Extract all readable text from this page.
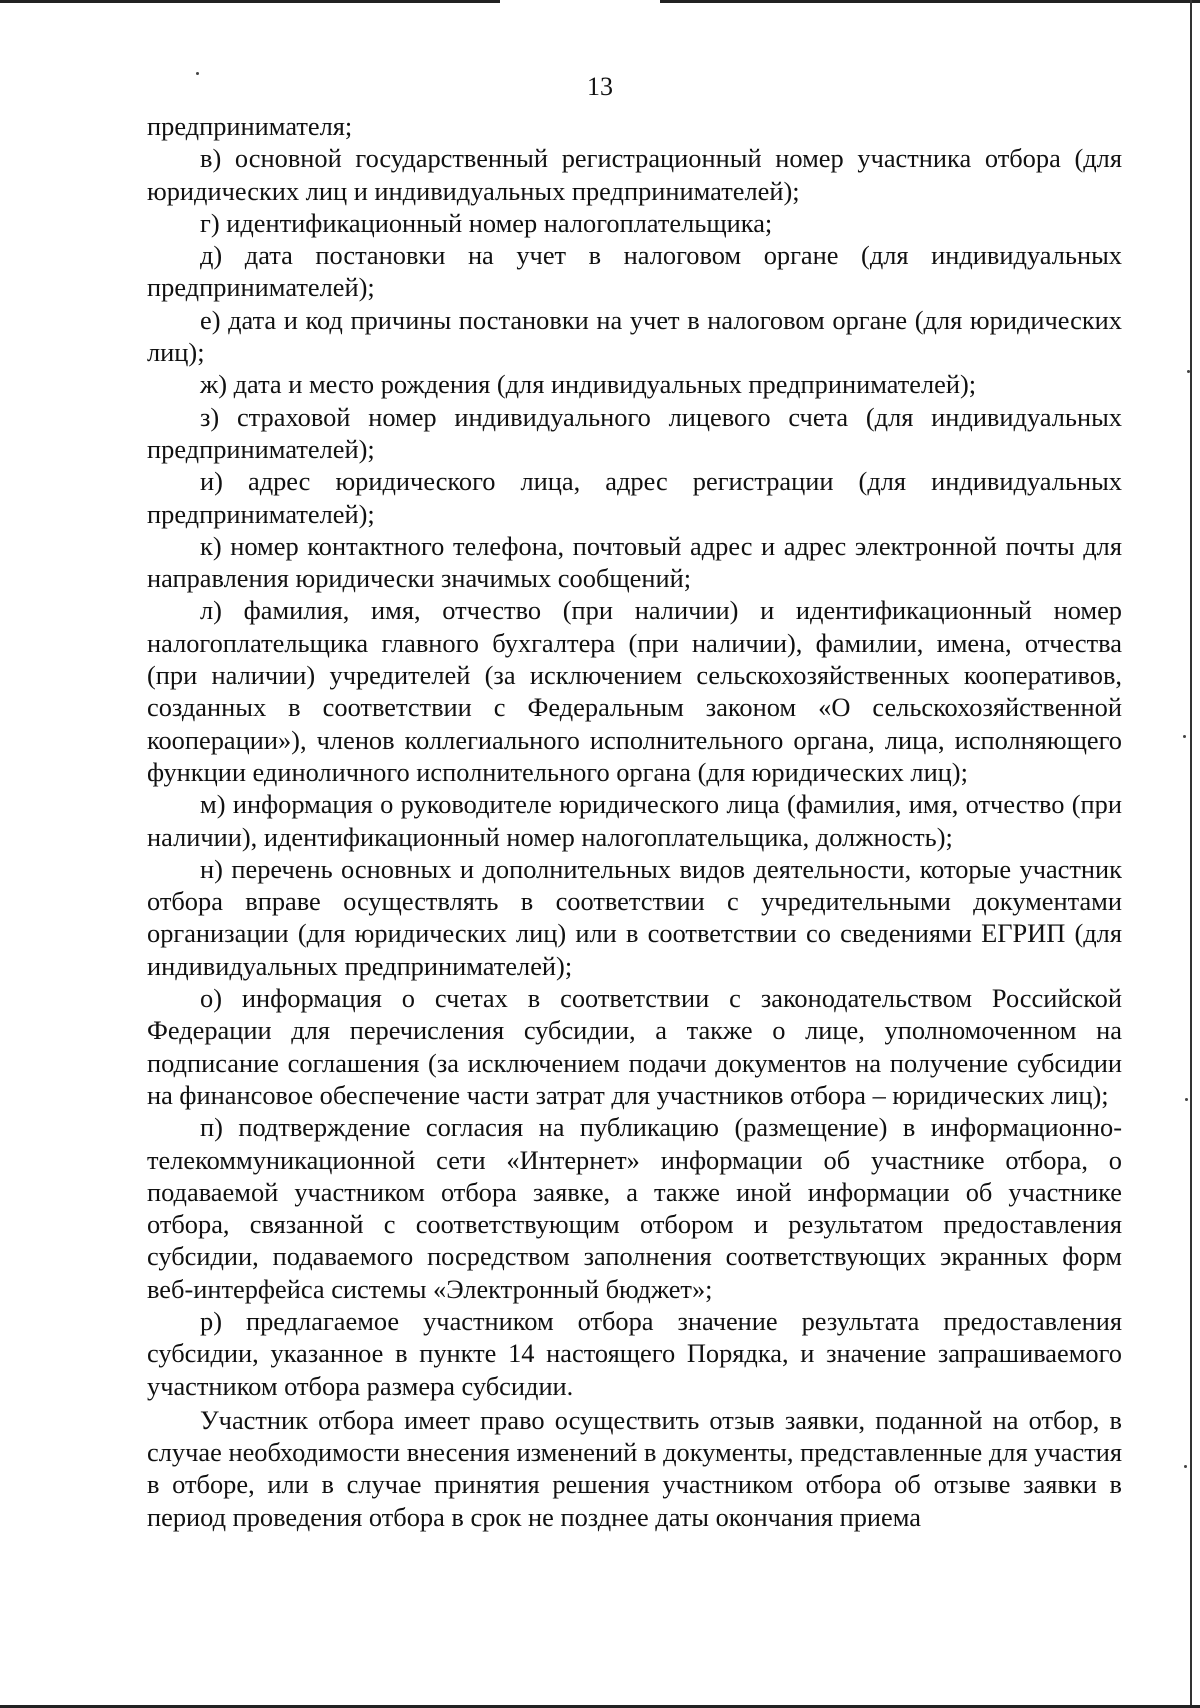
13

предпринимателя;

в) основной государственный регистрационный номер участника отбора (для юридических лиц и индивидуальных предпринимателей);

г) идентификационный номер налогоплательщика;

д) дата постановки на учет в налоговом органе (для индивидуальных предпринимателей);

е) дата и код причины постановки на учет в налоговом органе (для юридических лиц);

ж) дата и место рождения (для индивидуальных предпринимателей);

з) страховой номер индивидуального лицевого счета (для индивидуальных предпринимателей);

и) адрес юридического лица, адрес регистрации (для индивидуальных предпринимателей);

к) номер контактного телефона, почтовый адрес и адрес электронной почты для направления юридически значимых сообщений;

л) фамилия, имя, отчество (при наличии) и идентификационный номер налогоплательщика главного бухгалтера (при наличии), фамилии, имена, отчества (при наличии) учредителей (за исключением сельскохозяйственных кооперативов, созданных в соответствии с Федеральным законом «О сельскохозяйственной кооперации»), членов коллегиального исполнительного органа, лица, исполняющего функции единоличного исполнительного органа (для юридических лиц);

м) информация о руководителе юридического лица (фамилия, имя, отчество (при наличии), идентификационный номер налогоплательщика, должность);

н) перечень основных и дополнительных видов деятельности, которые участник отбора вправе осуществлять в соответствии с учредительными документами организации (для юридических лиц) или в соответствии со сведениями ЕГРИП (для индивидуальных предпринимателей);

о) информация о счетах в соответствии с законодательством Российской Федерации для перечисления субсидии, а также о лице, уполномоченном на подписание соглашения (за исключением подачи документов на получение субсидии на финансовое обеспечение части затрат для участников отбора – юридических лиц);

п) подтверждение согласия на публикацию (размещение) в информационно-телекоммуникационной сети «Интернет» информации об участнике отбора, о подаваемой участником отбора заявке, а также иной информации об участнике отбора, связанной с соответствующим отбором и результатом предоставления субсидии, подаваемого посредством заполнения соответствующих экранных форм веб-интерфейса системы «Электронный бюджет»;

р) предлагаемое участником отбора значение результата предоставления субсидии, указанное в пункте 14 настоящего Порядка, и значение запрашиваемого участником отбора размера субсидии.

Участник отбора имеет право осуществить отзыв заявки, поданной на отбор, в случае необходимости внесения изменений в документы, представленные для участия в отборе, или в случае принятия решения участником отбора об отзыве заявки в период проведения отбора в срок не позднее даты окончания приема
